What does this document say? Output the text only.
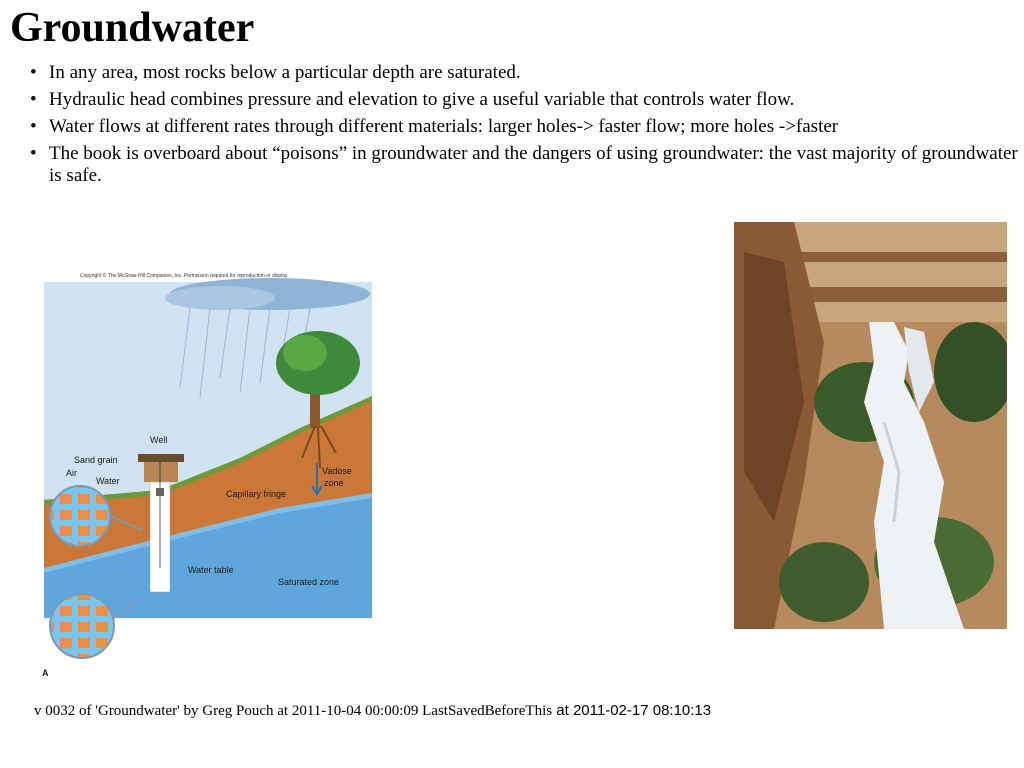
Groundwater
• In any area, most rocks below a particular depth are saturated.
• Hydraulic head combines pressure and elevation to give a useful variable that controls water flow.
• Water flows at different rates through different materials: larger holes-> faster flow; more holes ->faster
• The book is overboard about “poisons” in groundwater and the dangers of using groundwater: the vast majority of groundwater is safe.
Copyright © The McGraw-Hill Companies, Inc. Permission required for reproduction or display.
Well
Sand grain
Air
Water
Vadose
zone
Capillary fringe
Water table
Saturated zone
A
v 0032 of 'Groundwater' by Greg Pouch at 2011-10-04 00:00:09 LastSavedBeforeThis at 2011-02-17 08:10:13
